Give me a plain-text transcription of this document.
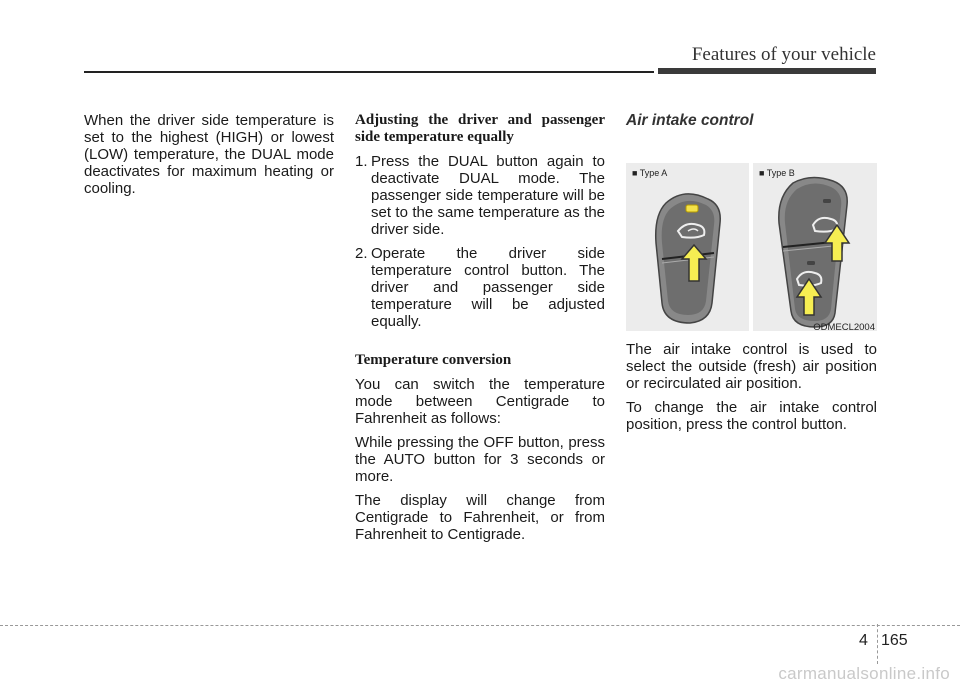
Features of your vehicle

When the driver side temperature is set to the highest (HIGH) or lowest (LOW) temperature, the DUAL mode deactivates for maximum heating or cooling.

Adjusting the driver and passenger side temperature equally
1. Press the DUAL button again to deactivate DUAL mode. The passenger side temperature will be set to the same temperature as the driver side.
2. Operate the driver side temperature control button. The driver and passenger side temperature will be adjusted equally.
Temperature conversion

You can switch the temperature mode between Centigrade to Fahrenheit as follows:

While pressing the OFF button, press the AUTO button for 3 seconds or more.

The display will change from Centigrade to Fahrenheit, or from Fahrenheit to Centigrade.

Air intake control
■ Type A	■ Type B
ODMECL2004

The air intake control is used to select the outside (fresh) air position or recirculated air position.

To change the air intake control position, press the control button.

4 165
carmanualsonline.info
